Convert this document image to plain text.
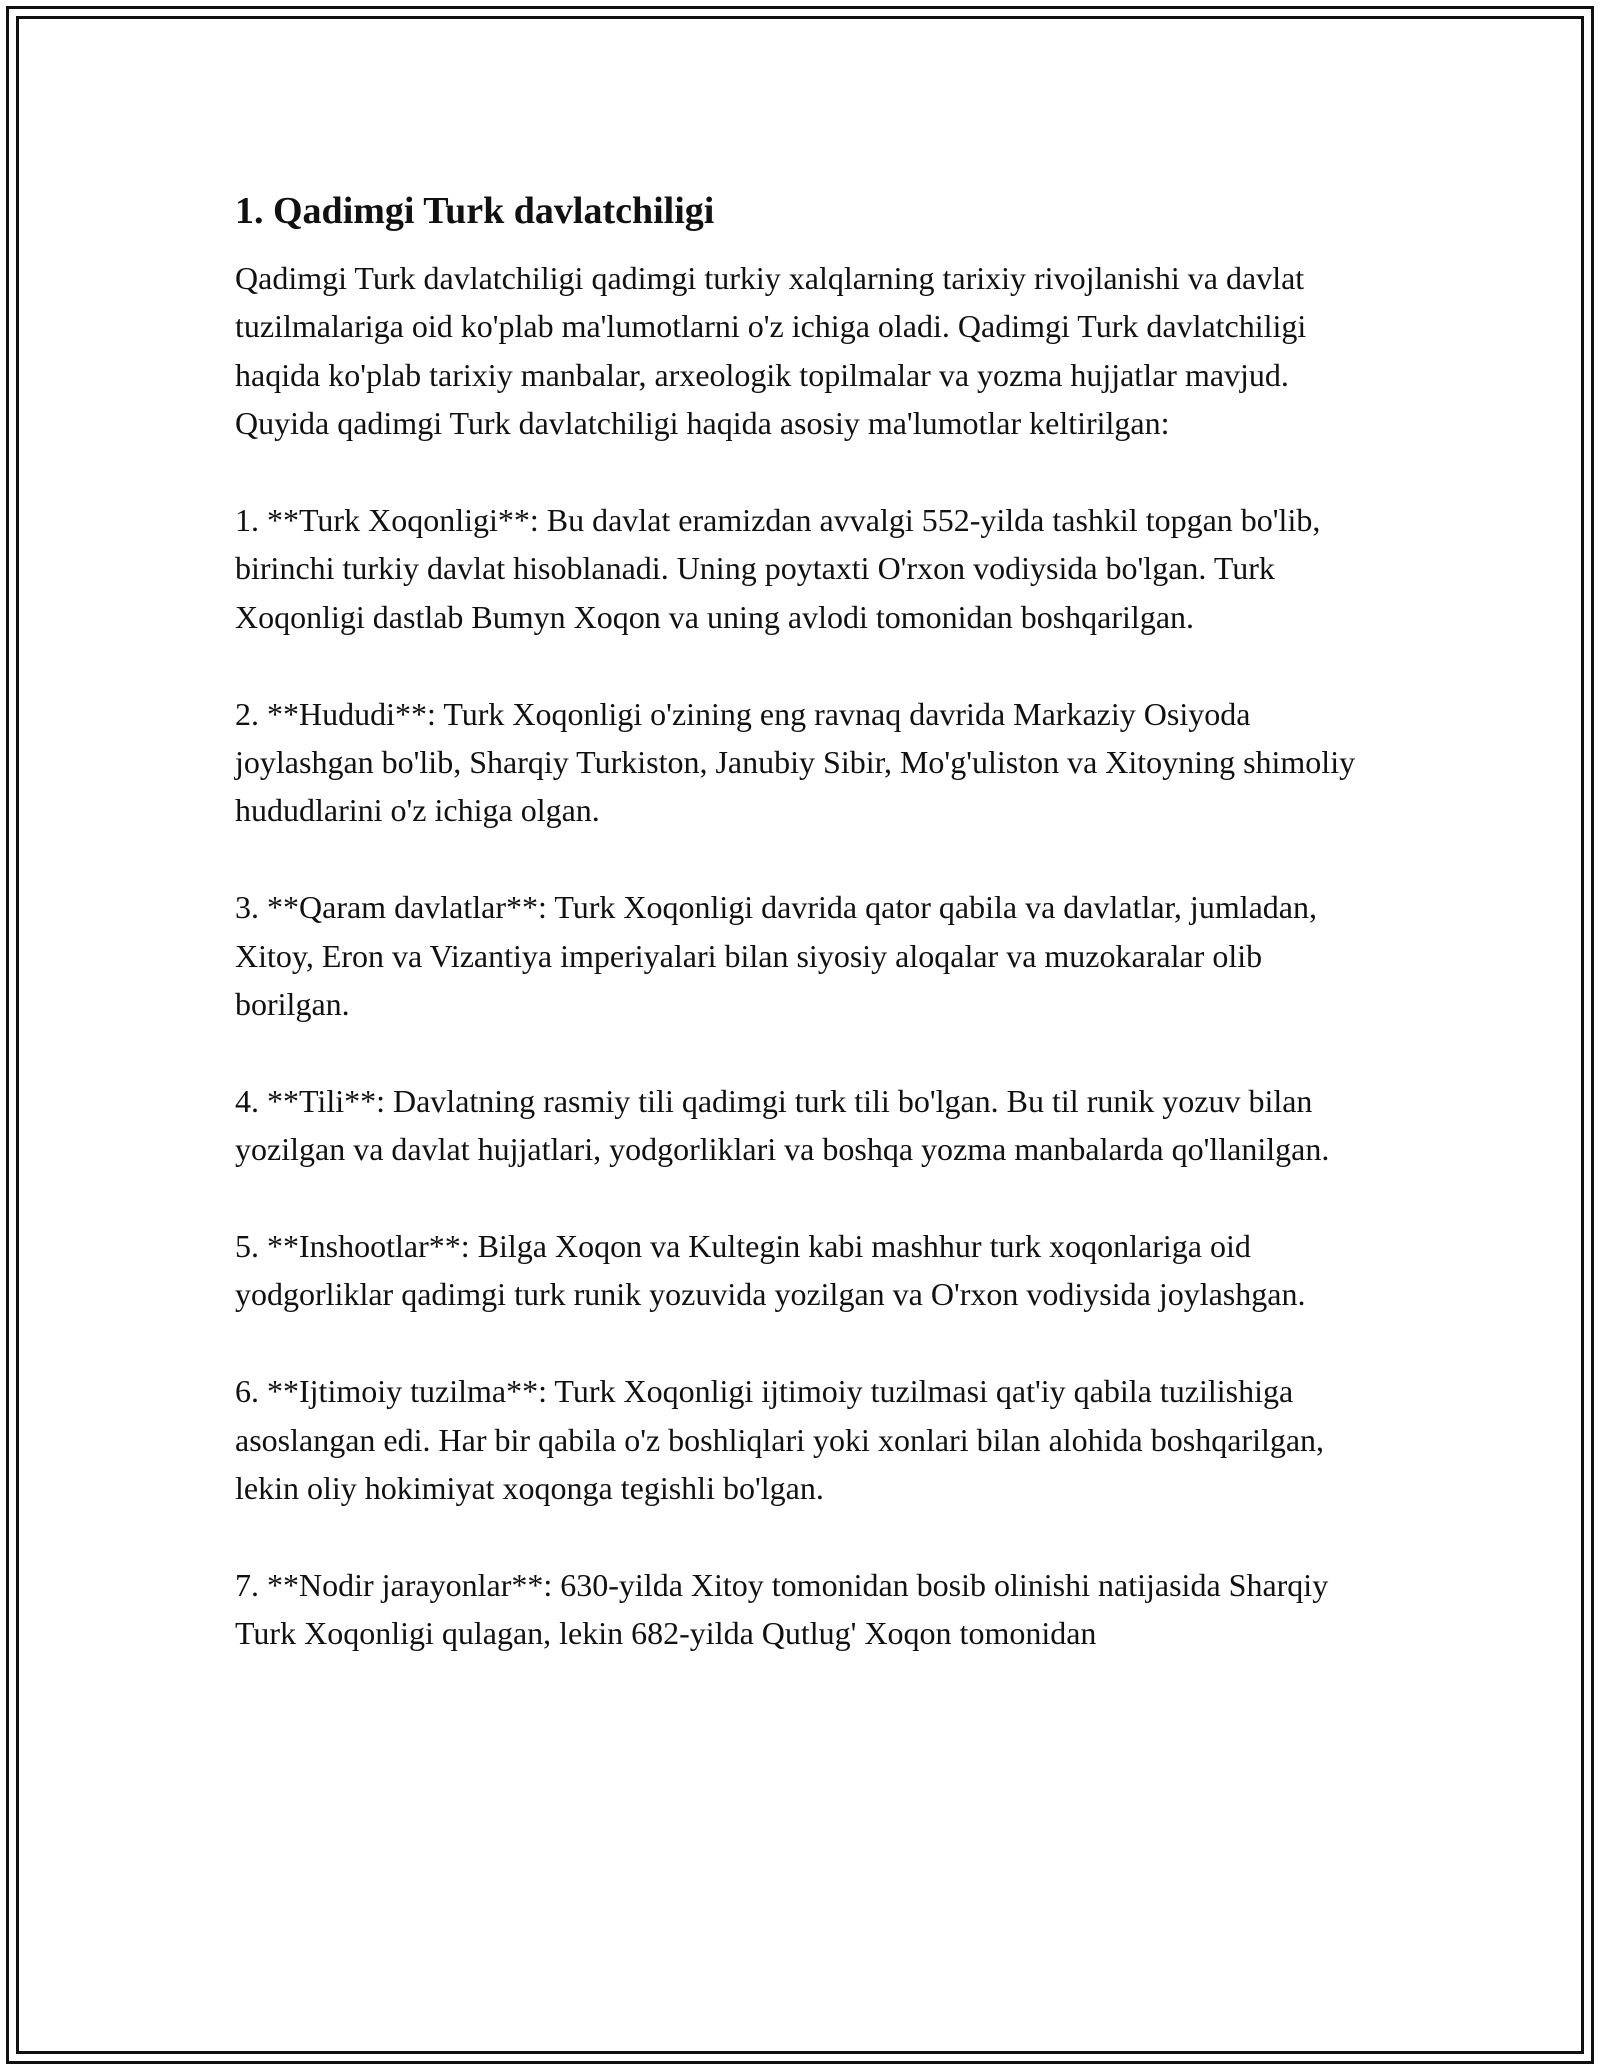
1. Qadimgi Turk davlatchiligi

Qadimgi Turk davlatchiligi qadimgi turkiy xalqlarning tarixiy rivojlanishi va davlat tuzilmalariga oid ko'plab ma'lumotlarni o'z ichiga oladi. Qadimgi Turk davlatchiligi haqida ko'plab tarixiy manbalar, arxeologik topilmalar va yozma hujjatlar mavjud. Quyida qadimgi Turk davlatchiligi haqida asosiy ma'lumotlar keltirilgan:

1. **Turk Xoqonligi**: Bu davlat eramizdan avvalgi 552-yilda tashkil topgan bo'lib, birinchi turkiy davlat hisoblanadi. Uning poytaxti O'rxon vodiysida bo'lgan. Turk Xoqonligi dastlab Bumyn Xoqon va uning avlodi tomonidan boshqarilgan.

2. **Hududi**: Turk Xoqonligi o'zining eng ravnaq davrida Markaziy Osiyoda joylashgan bo'lib, Sharqiy Turkiston, Janubiy Sibir, Mo'g'uliston va Xitoyning shimoliy hududlarini o'z ichiga olgan.

3. **Qaram davlatlar**: Turk Xoqonligi davrida qator qabila va davlatlar, jumladan, Xitoy, Eron va Vizantiya imperiyalari bilan siyosiy aloqalar va muzokaralar olib borilgan.

4. **Tili**: Davlatning rasmiy tili qadimgi turk tili bo'lgan. Bu til runik yozuv bilan yozilgan va davlat hujjatlari, yodgorliklari va boshqa yozma manbalarda qo'llanilgan.

5. **Inshootlar**: Bilga Xoqon va Kultegin kabi mashhur turk xoqonlariga oid yodgorliklar qadimgi turk runik yozuvida yozilgan va O'rxon vodiysida joylashgan.

6. **Ijtimoiy tuzilma**: Turk Xoqonligi ijtimoiy tuzilmasi qat'iy qabila tuzilishiga asoslangan edi. Har bir qabila o'z boshliqlari yoki xonlari bilan alohida boshqarilgan, lekin oliy hokimiyat xoqonga tegishli bo'lgan.

7. **Nodir jarayonlar**: 630-yilda Xitoy tomonidan bosib olinishi natijasida Sharqiy Turk Xoqonligi qulagan, lekin 682-yilda Qutlug' Xoqon tomonidan
